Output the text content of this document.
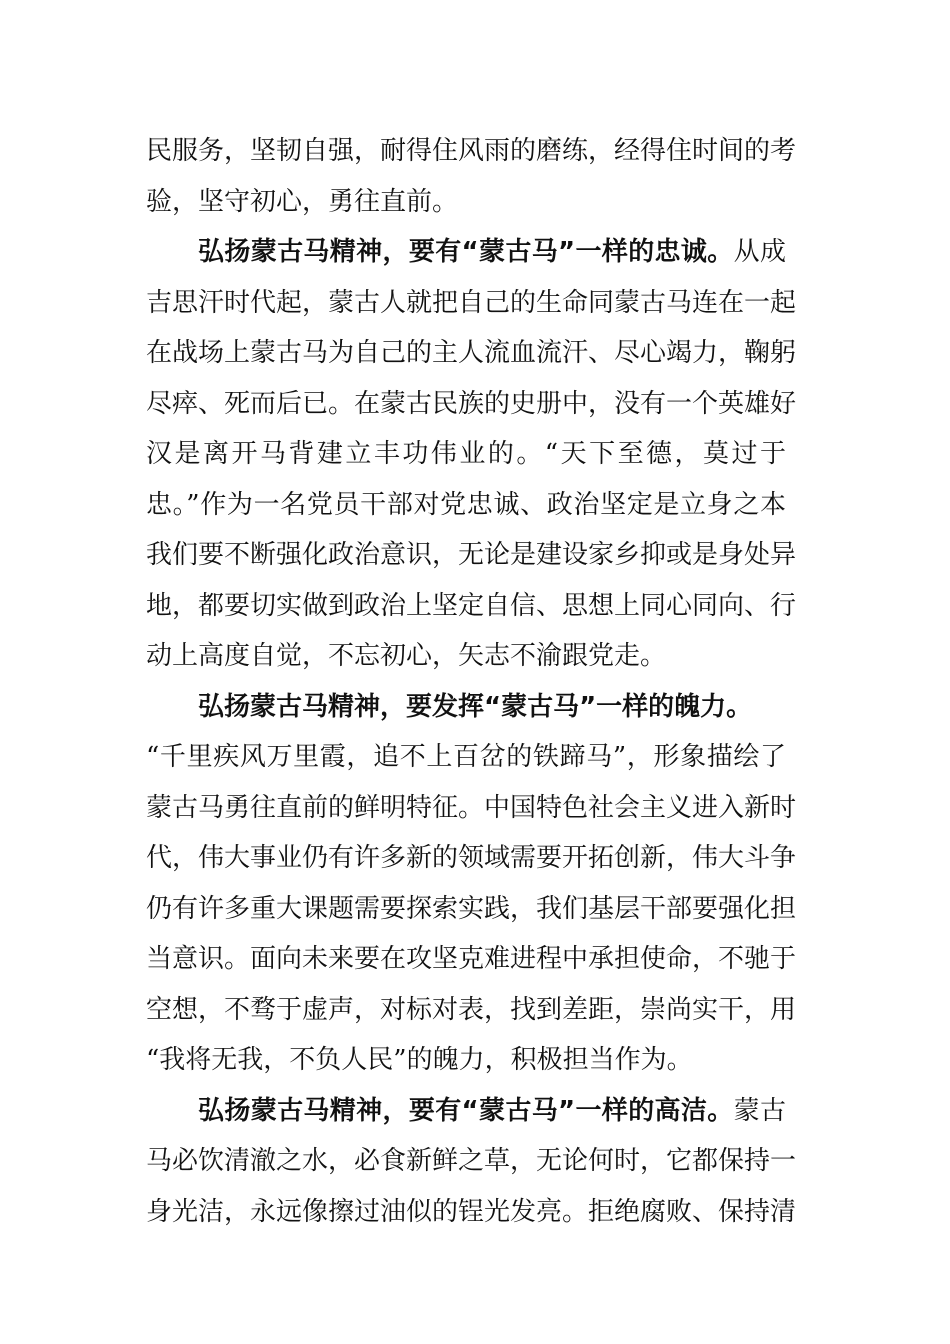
民服务，坚韧自强，耐得住风雨的磨练，经得住时间的考
验，坚守初心，勇往直前。
弘扬蒙古马精神，要有“蒙古马”一样的忠诚。从成
吉思汗时代起，蒙古人就把自己的生命同蒙古马连在一起
在战场上蒙古马为自己的主人流血流汗、尽心竭力，鞠躬
尽瘁、死而后已。在蒙古民族的史册中，没有一个英雄好
汉是离开马背建立丰功伟业的。“天下至德，莫过于
忠。”作为一名党员干部对党忠诚、政治坚定是立身之本
我们要不断强化政治意识，无论是建设家乡抑或是身处异
地，都要切实做到政治上坚定自信、思想上同心同向、行
动上高度自觉，不忘初心，矢志不渝跟党走。
弘扬蒙古马精神，要发挥“蒙古马”一样的魄力。
“千里疾风万里霞，追不上百岔的铁蹄马”，形象描绘了
蒙古马勇往直前的鲜明特征。中国特色社会主义进入新时
代，伟大事业仍有许多新的领域需要开拓创新，伟大斗争
仍有许多重大课题需要探索实践，我们基层干部要强化担
当意识。面向未来要在攻坚克难进程中承担使命，不驰于
空想，不骛于虚声，对标对表，找到差距，崇尚实干，用
“我将无我，不负人民”的魄力，积极担当作为。
弘扬蒙古马精神，要有“蒙古马”一样的高洁。蒙古
马必饮清澈之水，必食新鲜之草，无论何时，它都保持一
身光洁，永远像擦过油似的锃光发亮。拒绝腐败、保持清
